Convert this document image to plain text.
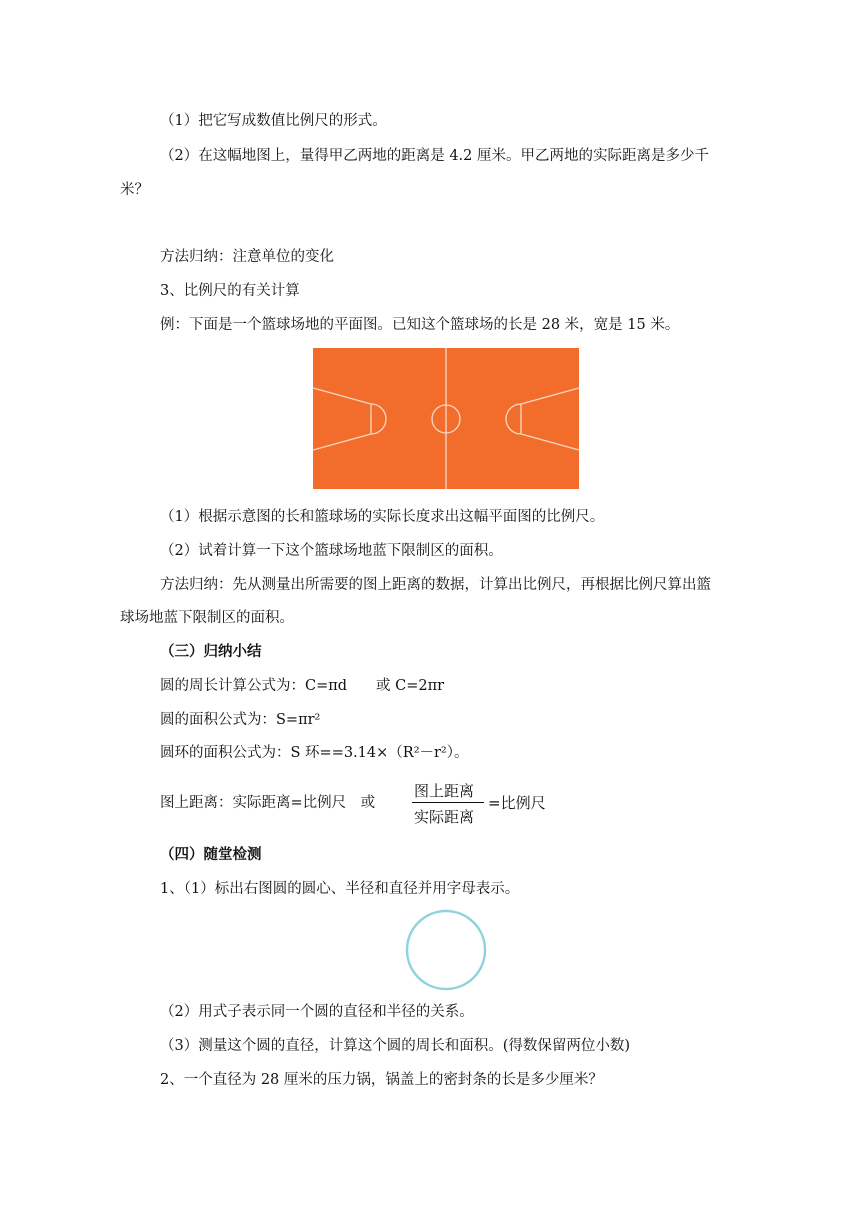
（1）把它写成数值比例尺的形式。
（2）在这幅地图上，量得甲乙两地的距离是 4.2 厘米。甲乙两地的实际距离是多少千
米？
方法归纳：注意单位的变化
3、比例尺的有关计算
例：下面是一个篮球场地的平面图。已知这个篮球场的长是 28 米，宽是 15 米。
（1）根据示意图的长和篮球场的实际长度求出这幅平面图的比例尺。
（2）试着计算一下这个篮球场地蓝下限制区的面积。
方法归纳：先从测量出所需要的图上距离的数据，计算出比例尺，再根据比例尺算出篮
球场地蓝下限制区的面积。
（三）归纳小结
圆的周长计算公式为：C=πd　　或 C=2πr
圆的面积公式为：S=πr²
圆环的面积公式为：S 环==3.14×（R²－r²）。
图上距离：实际距离=比例尺　或
图上距离
实际距离
=比例尺
（四）随堂检测
1、（1）标出右图圆的圆心、半径和直径并用字母表示。
（2）用式子表示同一个圆的直径和半径的关系。
（3）测量这个圆的直径，计算这个圆的周长和面积。(得数保留两位小数)
2、一个直径为 28 厘米的压力锅，锅盖上的密封条的长是多少厘米？
